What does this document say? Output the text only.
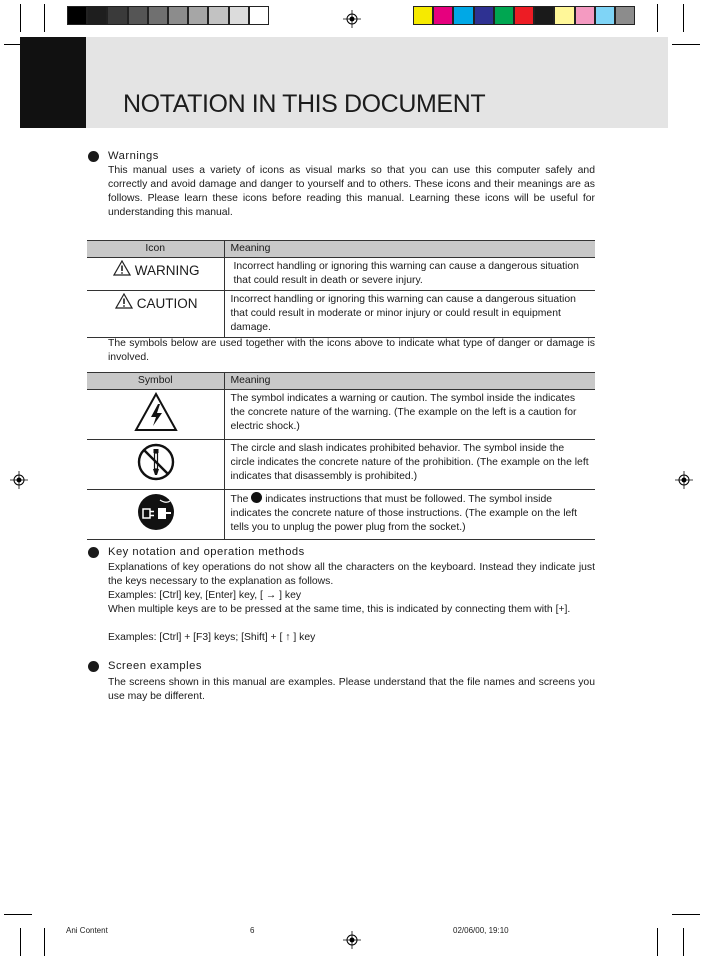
NOTATION IN THIS DOCUMENT
Warnings
This manual uses a variety of icons as visual marks so that you can use this computer safely and correctly and avoid damage and danger to yourself and to others. These icons and their meanings are as follows. Please learn these icons before reading this manual. Learning these icons will be useful for understanding this manual.
Icon	Meaning
WARNING	Incorrect handling or ignoring this warning can cause a dangerous situation that could result in death or severe injury.
CAUTION	Incorrect handling or ignoring this warning can cause a dangerous situation that could result in moderate or minor injury or could result in equipment damage.
The symbols below are used together with the icons above to indicate what type of danger or damage is involved.
Symbol	Meaning
	The symbol indicates a warning or caution. The symbol inside the indicates the concrete nature of the warning. (The example on the left is a caution for electric shock.)
	The circle and slash indicates prohibited behavior. The symbol inside the circle indicates the concrete nature of the prohibition. (The example on the left indicates that disassembly is prohibited.)
	The indicates instructions that must be followed. The symbol inside indicates the concrete nature of those instructions. (The example on the left tells you to unplug the power plug from the socket.)
Key notation and operation methods
Explanations of key operations do not show all the characters on the keyboard. Instead they indicate just the keys necessary to the explanation as follows.
Examples: [Ctrl] key, [Enter] key, [ → ] key
When multiple keys are to be pressed at the same time, this is indicated by connecting them with [+].
Examples: [Ctrl] + [F3] keys; [Shift] + [ ↑ ] key
Screen examples
The screens shown in this manual are examples. Please understand that the file names and screens you use may be different.
Ani Content	6	02/06/00, 19:10
